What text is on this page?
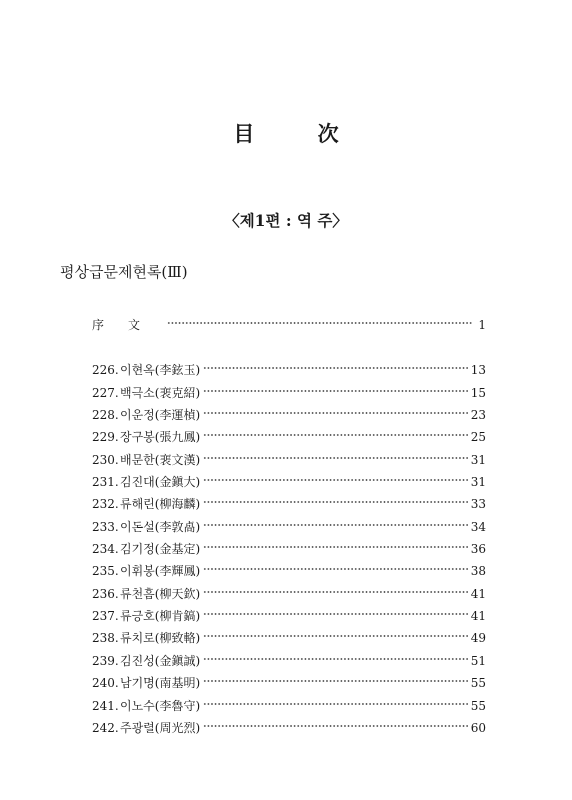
目 次
〈제1편 : 역 주〉
평상급문제현록(Ⅲ)
序文	1
226. 이현옥(李鉉玉)	13
227. 백극소(裵克紹)	15
228. 이운정(李運楨)	23
229. 장구봉(張九鳳)	25
230. 배문한(裵文漢)	31
231. 김진대(金鎭大)	31
232. 류해린(柳海麟)	33
233. 이돈설(李敦卨)	34
234. 김기정(金基定)	36
235. 이휘봉(李輝鳳)	38
236. 류천흠(柳天欽)	41
237. 류긍호(柳肯鎬)	41
238. 류치로(柳致輅)	49
239. 김진성(金鎭誠)	51
240. 남기명(南基明)	55
241. 이노수(李魯守)	55
242. 주광렬(周光烈)	60
